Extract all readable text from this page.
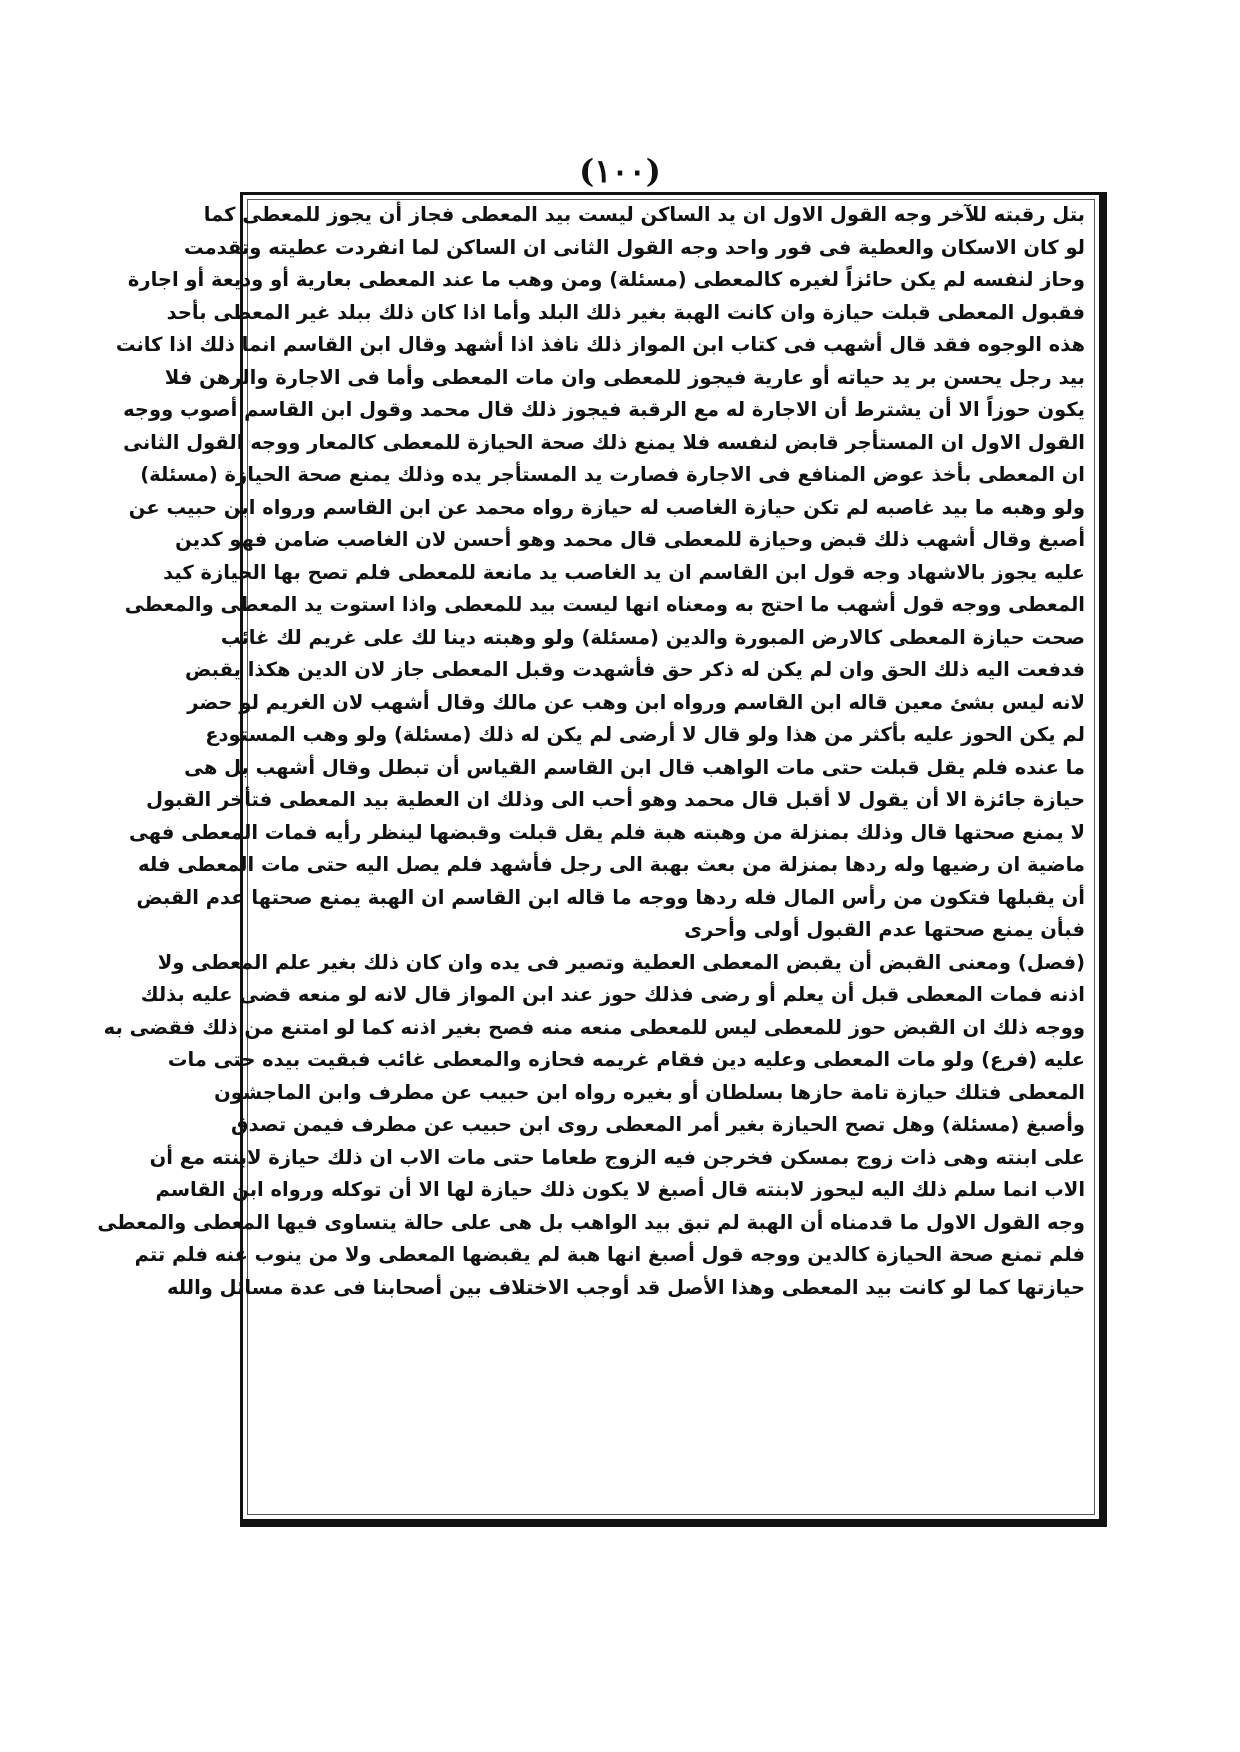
(١٠٠)
بتل رقبته للآخر وجه القول الاول ان يد الساكن ليست بيد المعطى فجاز أن يجوز للمعطى كما
لو كان الاسكان والعطية فى فور واحد وجه القول الثانى ان الساكن لما انفردت عطيته وتقدمت
وحاز لنفسه لم يكن حائزاً لغيره كالمعطى (مسئلة) ومن وهب ما عند المعطى بعارية أو وديعة أو اجارة
فقبول المعطى قبلت حيازة وان كانت الهبة بغير ذلك البلد وأما اذا كان ذلك ببلد غير المعطى بأحد
هذه الوجوه فقد قال أشهب فى كتاب ابن المواز ذلك نافذ اذا أشهد وقال ابن القاسم انما ذلك اذا كانت
بيد رجل يحسن بر يد حياته أو عارية فيجوز للمعطى وان مات المعطى وأما فى الاجارة والرهن فلا
يكون حوزاً الا أن يشترط أن الاجارة له مع الرقبة فيجوز ذلك قال محمد وقول ابن القاسم أصوب ووجه
القول الاول ان المستأجر قابض لنفسه فلا يمنع ذلك صحة الحيازة للمعطى كالمعار ووجه القول الثانى
ان المعطى بأخذ عوض المنافع فى الاجارة فصارت يد المستأجر يده وذلك يمنع صحة الحيازة (مسئلة)
ولو وهبه ما بيد غاصبه لم تكن حيازة الغاصب له حيازة رواه محمد عن ابن القاسم ورواه ابن حبيب عن
أصبغ وقال أشهب ذلك قبض وحيازة للمعطى قال محمد وهو أحسن لان الغاصب ضامن فهو كدين
عليه يجوز بالاشهاد وجه قول ابن القاسم ان يد الغاصب يد مانعة للمعطى فلم تصح بها الحيازة كيد
المعطى ووجه قول أشهب ما احتج به ومعناه انها ليست بيد للمعطى واذا استوت يد المعطى والمعطى
صحت حيازة المعطى كالارض المبورة والدين (مسئلة) ولو وهبته دينا لك على غريم لك غائب
فدفعت اليه ذلك الحق وان لم يكن له ذكر حق فأشهدت وقبل المعطى جاز لان الدين هكذا يقبض
لانه ليس بشئ معين قاله ابن القاسم ورواه ابن وهب عن مالك وقال أشهب لان الغريم لو حضر
لم يكن الحوز عليه بأكثر من هذا ولو قال لا أرضى لم يكن له ذلك (مسئلة) ولو وهب المستودع
ما عنده فلم يقل قبلت حتى مات الواهب قال ابن القاسم القياس أن تبطل وقال أشهب بل هى
حيازة جائزة الا أن يقول لا أقبل قال محمد وهو أحب الى وذلك ان العطية بيد المعطى فتأخر القبول
لا يمنع صحتها قال وذلك بمنزلة من وهبته هبة فلم يقل قبلت وقبضها لينظر رأيه فمات المعطى فهى
ماضية ان رضيها وله ردها بمنزلة من بعث بهبة الى رجل فأشهد فلم يصل اليه حتى مات المعطى فله
أن يقبلها فتكون من رأس المال فله ردها ووجه ما قاله ابن القاسم ان الهبة يمنع صحتها عدم القبض
فبأن يمنع صحتها عدم القبول أولى وأحرى
(فصل) ومعنى القبض أن يقبض المعطى العطية وتصير فى يده وان كان ذلك بغير علم المعطى ولا
اذنه فمات المعطى قبل أن يعلم أو رضى فذلك حوز عند ابن المواز قال لانه لو منعه قضى عليه بذلك
ووجه ذلك ان القبض حوز للمعطى ليس للمعطى منعه منه فصح بغير اذنه كما لو امتنع من ذلك فقضى به
عليه (فرع) ولو مات المعطى وعليه دين فقام غريمه فحازه والمعطى غائب فبقيت بيده حتى مات
المعطى فتلك حيازة تامة حازها بسلطان أو بغيره رواه ابن حبيب عن مطرف وابن الماجشون
وأصبغ (مسئلة) وهل تصح الحيازة بغير أمر المعطى روى ابن حبيب عن مطرف فيمن تصدق
على ابنته وهى ذات زوج بمسكن فخرجن فيه الزوج طعاما حتى مات الاب ان ذلك حيازة لابنته مع أن
الاب انما سلم ذلك اليه ليحوز لابنته قال أصبغ لا يكون ذلك حيازة لها الا أن توكله ورواه ابن القاسم
وجه القول الاول ما قدمناه أن الهبة لم تبق بيد الواهب بل هى على حالة يتساوى فيها المعطى والمعطى
فلم تمنع صحة الحيازة كالدين ووجه قول أصبغ انها هبة لم يقبضها المعطى ولا من ينوب عنه فلم تتم
حيازتها كما لو كانت بيد المعطى وهذا الأصل قد أوجب الاختلاف بين أصحابنا فى عدة مسائل والله
